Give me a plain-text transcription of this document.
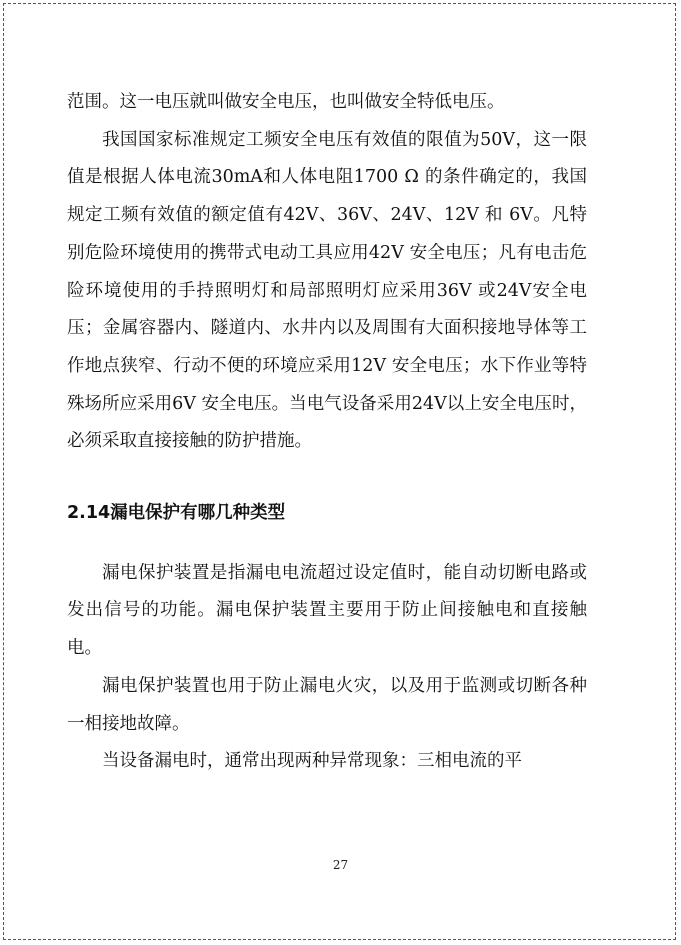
范围。这一电压就叫做安全电压，也叫做安全特低电压。

我国国家标准规定工频安全电压有效值的限值为50V，这一限值是根据人体电流30mA和人体电阻1700 Ω 的条件确定的，我国规定工频有效值的额定值有42V、36V、24V、12V 和 6V。凡特别危险环境使用的携带式电动工具应用42V 安全电压；凡有电击危险环境使用的手持照明灯和局部照明灯应采用36V 或24V安全电压；金属容器内、隧道内、水井内以及周围有大面积接地导体等工作地点狭窄、行动不便的环境应采用12V 安全电压；水下作业等特殊场所应采用6V 安全电压。当电气设备采用24V以上安全电压时，必须采取直接接触的防护措施。

2.14漏电保护有哪几种类型

漏电保护装置是指漏电电流超过设定值时，能自动切断电路或发出信号的功能。漏电保护装置主要用于防止间接触电和直接触电。

漏电保护装置也用于防止漏电火灾，以及用于监测或切断各种一相接地故障。

当设备漏电时，通常出现两种异常现象：三相电流的平

27
